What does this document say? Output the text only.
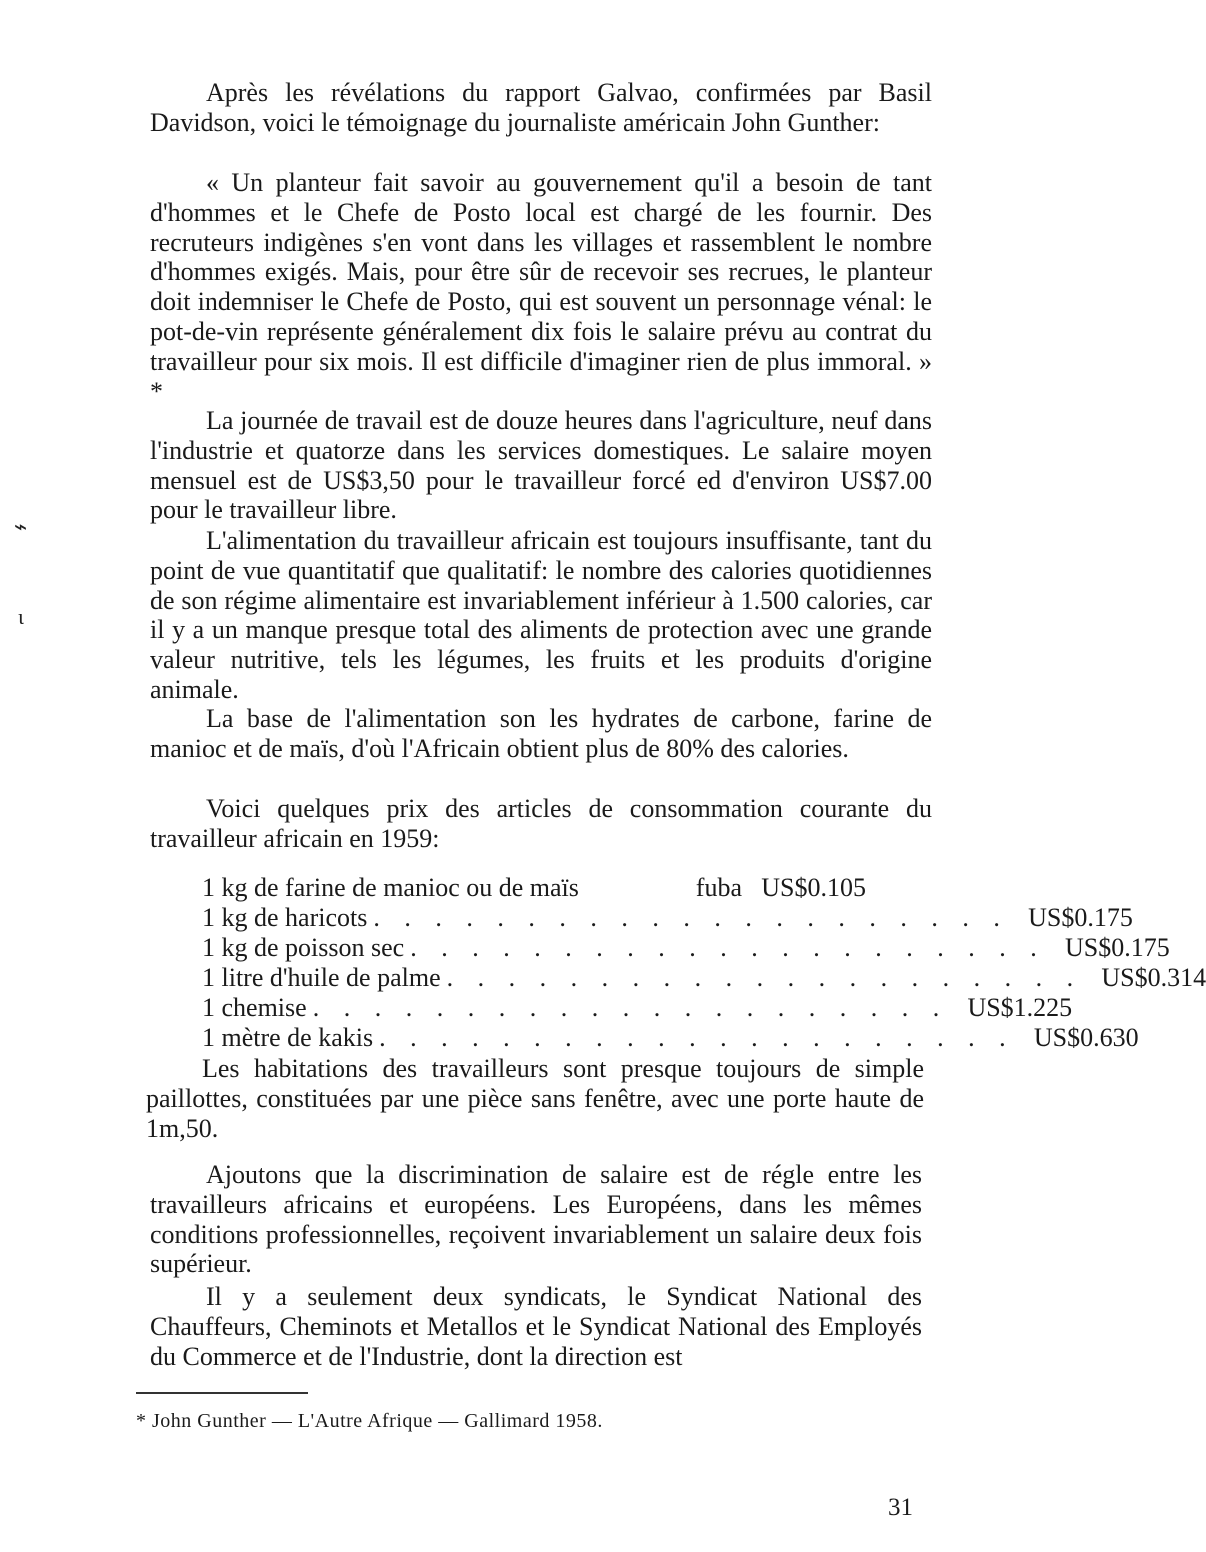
Après les révélations du rapport Galvao, confirmées par Basil Davidson, voici le témoignage du journaliste américain John Gunther:

« Un planteur fait savoir au gouvernement qu'il a besoin de tant d'hommes et le Chefe de Posto local est chargé de les fournir. Des recruteurs indigènes s'en vont dans les villages et rassemblent le nombre d'hommes exigés. Mais, pour être sûr de recevoir ses recrues, le planteur doit indemniser le Chefe de Posto, qui est souvent un personnage vénal: le pot-de-vin représente généralement dix fois le salaire prévu au contrat du travailleur pour six mois. Il est difficile d'imaginer rien de plus immoral. » *

La journée de travail est de douze heures dans l'agriculture, neuf dans l'industrie et quatorze dans les services domestiques. Le salaire moyen mensuel est de US$3,50 pour le travailleur forcé ed d'environ US$7.00 pour le travailleur libre.

L'alimentation du travailleur africain est toujours insuffisante, tant du point de vue quantitatif que qualitatif: le nombre des calories quotidiennes de son régime alimentaire est invariablement inférieur à 1.500 calories, car il y a un manque presque total des aliments de protection avec une grande valeur nutritive, tels les légumes, les fruits et les produits d'origine animale.

La base de l'alimentation son les hydrates de carbone, farine de manioc et de maïs, d'où l'Africain obtient plus de 80% des calories.

Voici quelques prix des articles de consommation courante du travailleur africain en 1959:

1 kg de farine de manioc ou de maïs	fuba US$0.105
1 kg de haricots . . . . . . . . . . . . . . . . . . . . . US$0.175
1 kg de poisson sec . . . . . . . . . . . . . . . . . . . . . US$0.175
1 litre d'huile de palme . . . . . . . . . . . . . . . . . . . . . US$0.314
1 chemise . . . . . . . . . . . . . . . . . . . . . US$1.225
1 mètre de kakis . . . . . . . . . . . . . . . . . . . . . US$0.630

Les habitations des travailleurs sont presque toujours de simple paillottes, constituées par une pièce sans fenêtre, avec une porte haute de 1m,50.

Ajoutons que la discrimination de salaire est de régle entre les travailleurs africains et européens. Les Européens, dans les mêmes conditions professionnelles, reçoivent invariablement un salaire deux fois supérieur.

Il y a seulement deux syndicats, le Syndicat National des Chauffeurs, Cheminots et Metallos et le Syndicat National des Employés du Commerce et de l'Industrie, dont la direction est

* John Gunther — L'Autre Afrique — Gallimard 1958.
31
⌁
ɩ
